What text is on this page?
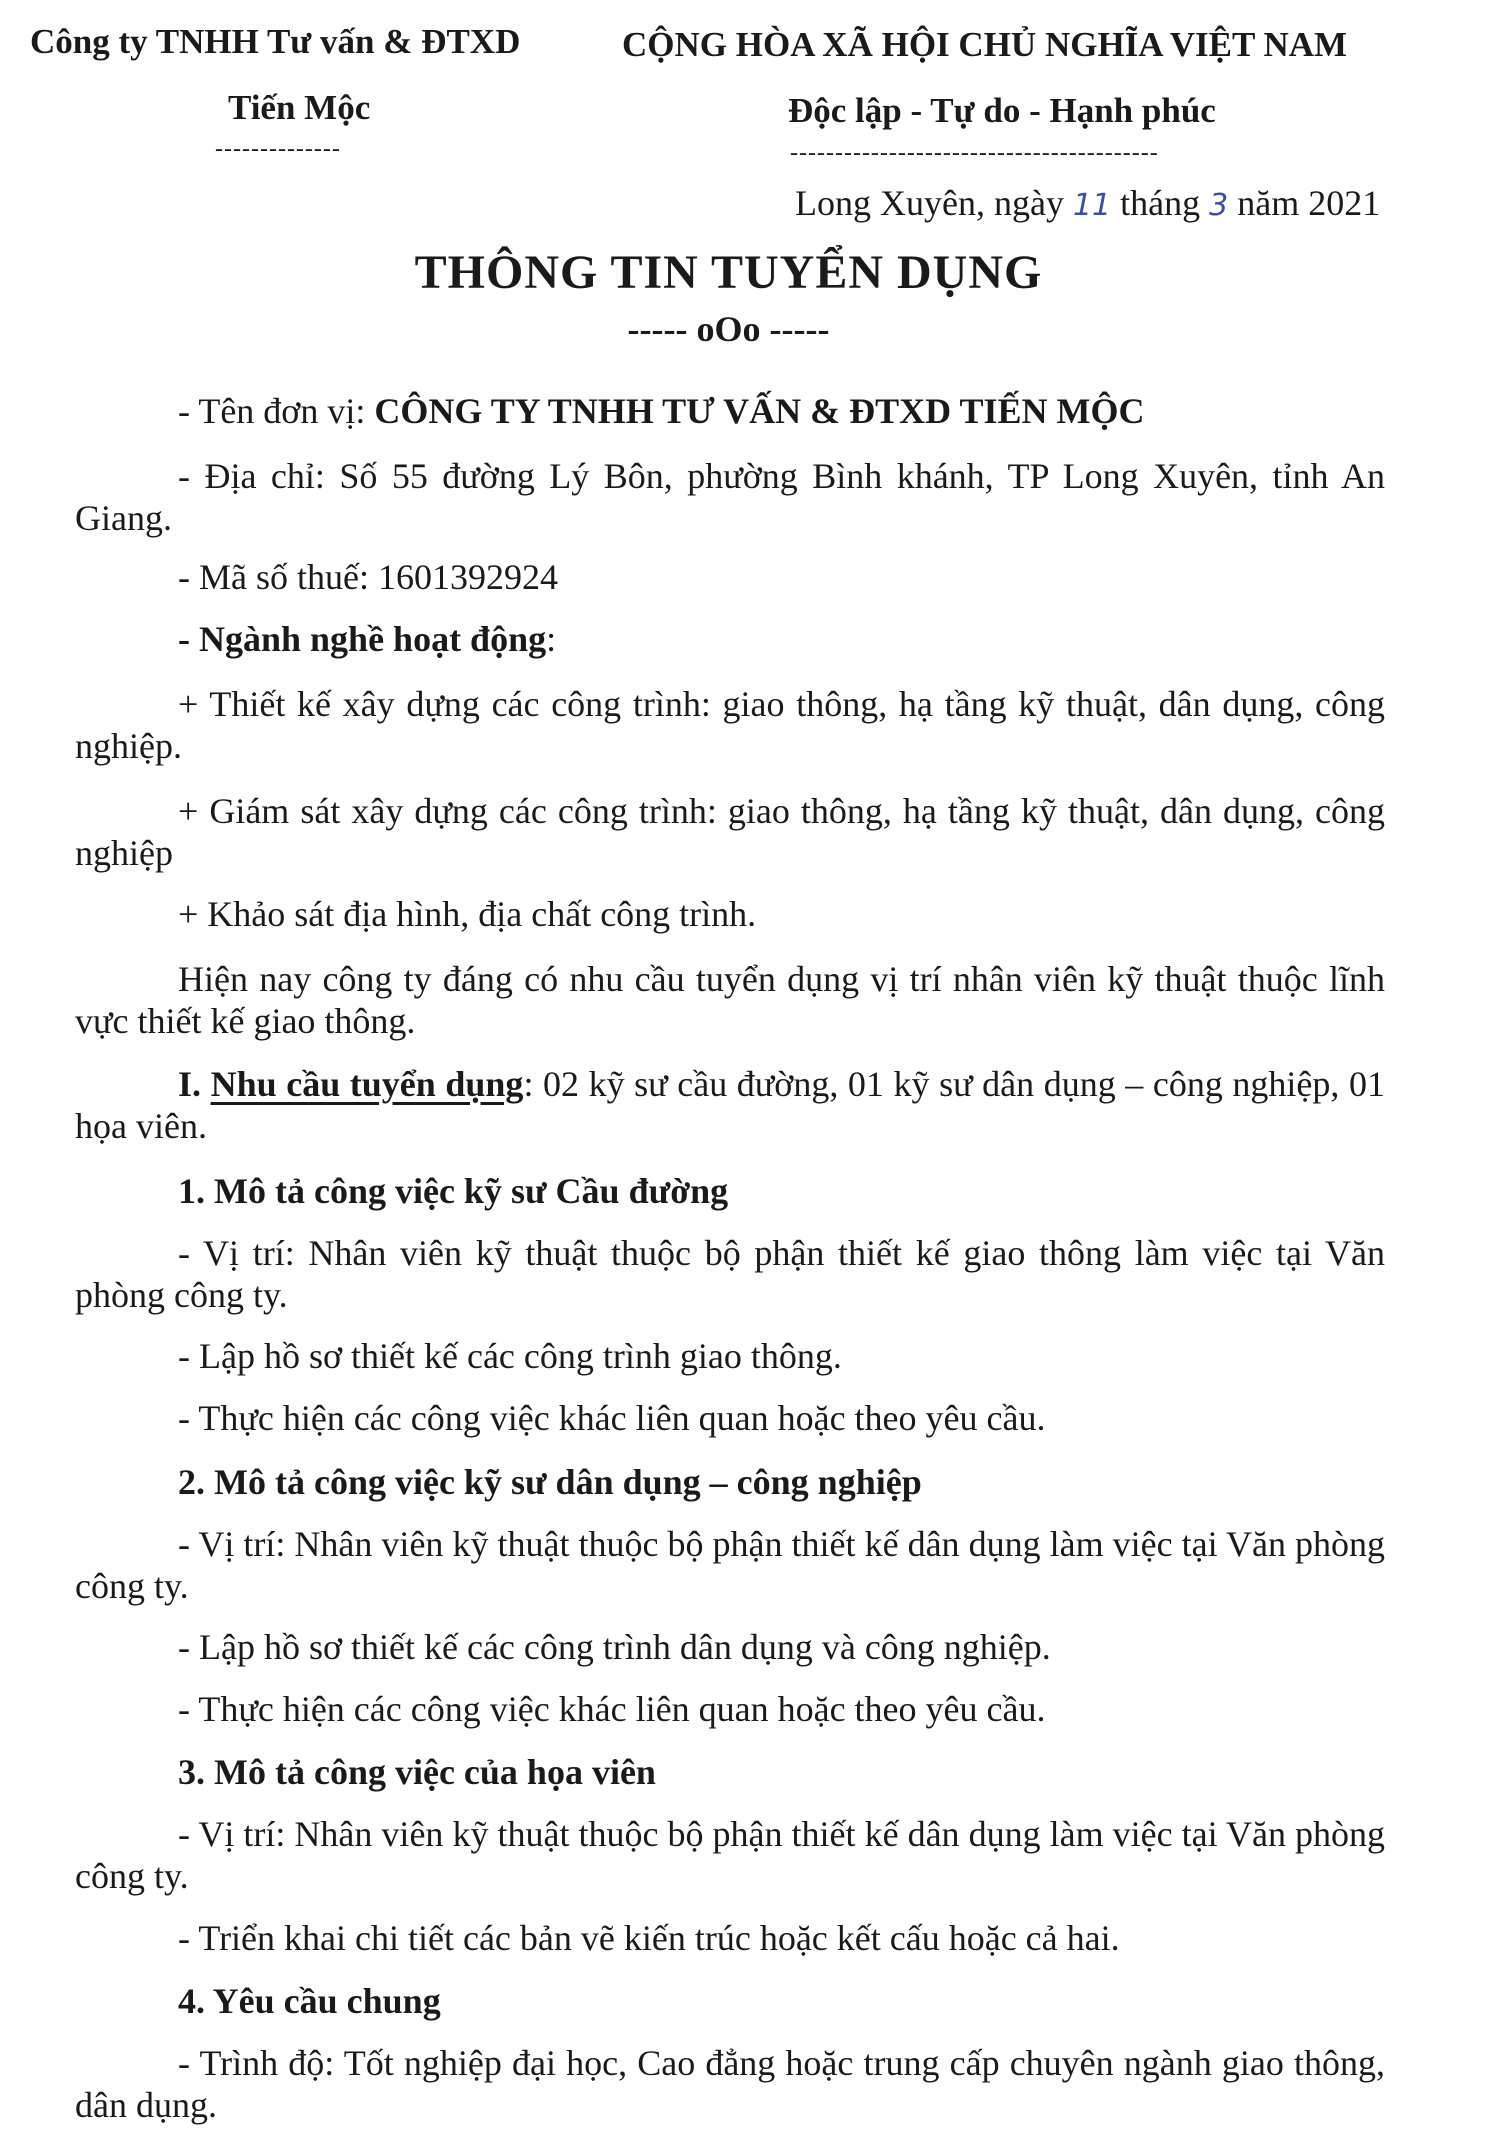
Công ty TNHH Tư vấn & ĐTXD
Tiến Mộc
--------------
CỘNG HÒA XÃ HỘI CHỦ NGHĨA VIỆT NAM
Độc lập - Tự do - Hạnh phúc
-----------------------------------------
Long Xuyên, ngày 11 tháng 3 năm 2021
THÔNG TIN TUYỂN DỤNG
----- oOo -----
- Tên đơn vị: CÔNG TY TNHH TƯ VẤN & ĐTXD TIẾN MỘC
- Địa chỉ: Số 55 đường Lý Bôn, phường Bình khánh, TP Long Xuyên, tỉnh An Giang.
- Mã số thuế: 1601392924
- Ngành nghề hoạt động:
+ Thiết kế xây dựng các công trình: giao thông, hạ tầng kỹ thuật, dân dụng, công nghiệp.
+ Giám sát xây dựng các công trình: giao thông, hạ tầng kỹ thuật, dân dụng, công nghiệp
+ Khảo sát địa hình, địa chất công trình.
Hiện nay công ty đáng có nhu cầu tuyển dụng vị trí nhân viên kỹ thuật thuộc lĩnh vực thiết kế giao thông.
I. Nhu cầu tuyển dụng: 02 kỹ sư cầu đường, 01 kỹ sư dân dụng – công nghiệp, 01 họa viên.
1. Mô tả công việc kỹ sư Cầu đường
- Vị trí: Nhân viên kỹ thuật thuộc bộ phận thiết kế giao thông làm việc tại Văn phòng công ty.
- Lập hồ sơ thiết kế các công trình giao thông.
- Thực hiện các công việc khác liên quan hoặc theo yêu cầu.
2. Mô tả công việc kỹ sư dân dụng – công nghiệp
- Vị trí: Nhân viên kỹ thuật thuộc bộ phận thiết kế dân dụng làm việc tại Văn phòng công ty.
- Lập hồ sơ thiết kế các công trình dân dụng và công nghiệp.
- Thực hiện các công việc khác liên quan hoặc theo yêu cầu.
3. Mô tả công việc của họa viên
- Vị trí: Nhân viên kỹ thuật thuộc bộ phận thiết kế dân dụng làm việc tại Văn phòng công ty.
- Triển khai chi tiết các bản vẽ kiến trúc hoặc kết cấu hoặc cả hai.
4. Yêu cầu chung
- Trình độ: Tốt nghiệp đại học, Cao đẳng hoặc trung cấp chuyên ngành giao thông, dân dụng.
